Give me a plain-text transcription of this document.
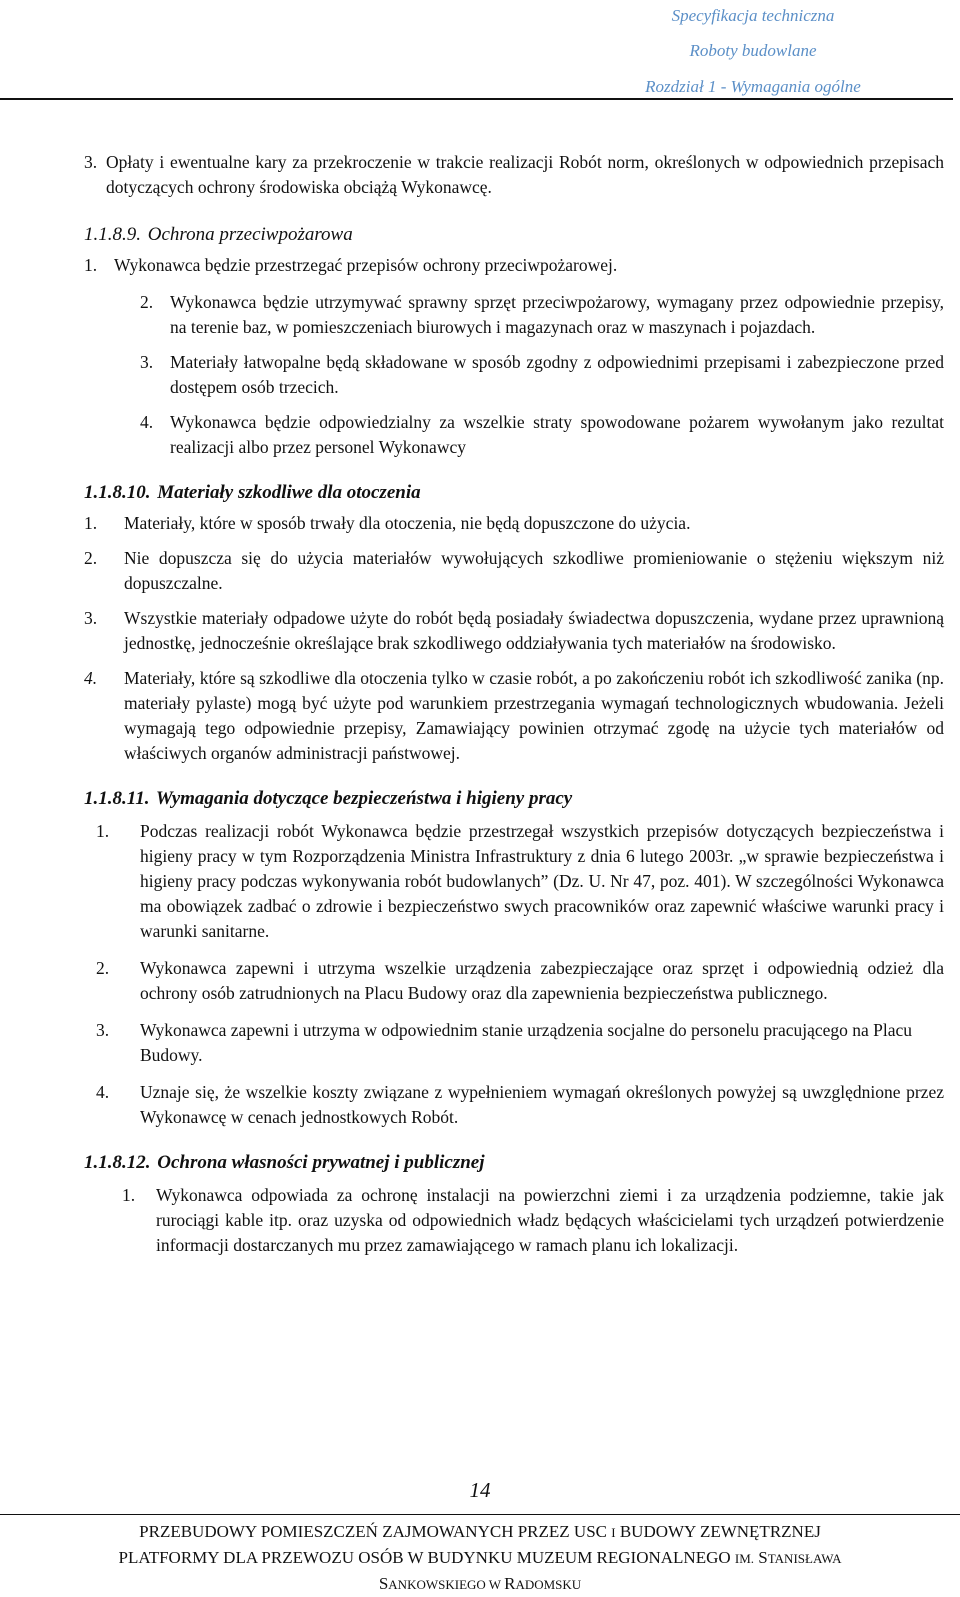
Specyfikacja techniczna
Roboty budowlane
Rozdział 1 - Wymagania ogólne
3. Opłaty i ewentualne kary za przekroczenie w trakcie realizacji Robót norm, określonych w odpowiednich przepisach dotyczących ochrony środowiska obciążą Wykonawcę.
1.1.8.9. Ochrona przeciwpożarowa
1. Wykonawca będzie przestrzegać przepisów ochrony przeciwpożarowej.
2. Wykonawca będzie utrzymywać sprawny sprzęt przeciwpożarowy, wymagany przez odpowiednie przepisy, na terenie baz, w pomieszczeniach biurowych i magazynach oraz w maszynach i pojazdach.
3. Materiały łatwopalne będą składowane w sposób zgodny z odpowiednimi przepisami i zabezpieczone przed dostępem osób trzecich.
4. Wykonawca będzie odpowiedzialny za wszelkie straty spowodowane pożarem wywołanym jako rezultat realizacji albo przez personel Wykonawcy
1.1.8.10. Materiały szkodliwe dla otoczenia
1.	Materiały, które w sposób trwały dla otoczenia, nie będą dopuszczone do użycia.
2.	Nie dopuszcza się do użycia materiałów wywołujących szkodliwe promieniowanie o stężeniu większym niż dopuszczalne.
3.	Wszystkie materiały odpadowe użyte do robót będą posiadały świadectwa dopuszczenia, wydane przez uprawnioną jednostkę, jednocześnie określające brak szkodliwego oddziaływania tych materiałów na środowisko.
4.	Materiały, które są szkodliwe dla otoczenia tylko w czasie robót, a po zakończeniu robót ich szkodliwość zanika (np. materiały pylaste) mogą być użyte pod warunkiem przestrzegania wymagań technologicznych wbudowania. Jeżeli wymagają tego odpowiednie przepisy, Zamawiający powinien otrzymać zgodę na użycie tych materiałów od właściwych organów administracji państwowej.
1.1.8.11. Wymagania dotyczące bezpieczeństwa i higieny pracy
1.	Podczas realizacji robót Wykonawca będzie przestrzegał wszystkich przepisów dotyczących bezpieczeństwa i higieny pracy w tym Rozporządzenia Ministra Infrastruktury z dnia 6 lutego 2003r. „w sprawie bezpieczeństwa i higieny pracy podczas wykonywania robót budowlanych” (Dz. U. Nr 47, poz. 401). W szczególności Wykonawca ma obowiązek zadbać o zdrowie i bezpieczeństwo swych pracowników oraz zapewnić właściwe warunki pracy i warunki sanitarne.
2.	Wykonawca zapewni i utrzyma wszelkie urządzenia zabezpieczające oraz sprzęt i odpowiednią odzież dla ochrony osób zatrudnionych na Placu Budowy oraz dla zapewnienia bezpieczeństwa publicznego.
3.	Wykonawca zapewni i utrzyma w odpowiednim stanie urządzenia socjalne do personelu pracującego na Placu Budowy.
4.	Uznaje się, że wszelkie koszty związane z wypełnieniem wymagań określonych powyżej są uwzględnione przez Wykonawcę w cenach jednostkowych Robót.
1.1.8.12. Ochrona własności prywatnej i publicznej
1.	Wykonawca odpowiada za ochronę instalacji na powierzchni ziemi i za urządzenia podziemne, takie jak rurociągi kable itp. oraz uzyska od odpowiednich władz będących właścicielami tych urządzeń potwierdzenie informacji dostarczanych mu przez zamawiającego w ramach planu ich lokalizacji.
14
PRZEBUDOWY POMIESZCZEŃ ZAJMOWANYCH PRZEZ USC I BUDOWY ZEWNĘTRZNEJ
PLATFORMY DLA PRZEWOZU OSÓB W BUDYNKU MUZEUM REGIONALNEGO IM. STANISŁAWA
SANKOWSKIEGO W RADOMSKU
